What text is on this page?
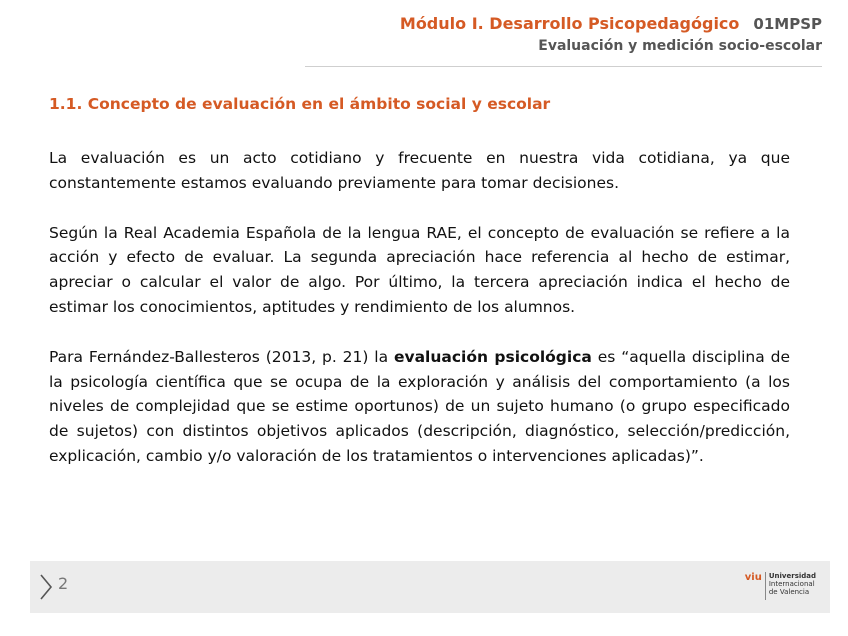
Módulo I. Desarrollo Psicopedagógico 01MPSP
Evaluación y medición socio-escolar
1.1. Concepto de evaluación en el ámbito social y escolar

La evaluación es un acto cotidiano y frecuente en nuestra vida cotidiana, ya que constantemente estamos evaluando previamente para tomar decisiones.

Según la Real Academia Española de la lengua RAE, el concepto de evaluación se refiere a la acción y efecto de evaluar. La segunda apreciación hace referencia al hecho de estimar, apreciar o calcular el valor de algo. Por último, la tercera apreciación indica el hecho de estimar los conocimientos, aptitudes y rendimiento de los alumnos.

Para Fernández-Ballesteros (2013, p. 21) la evaluación psicológica es “aquella disciplina de la psicología científica que se ocupa de la exploración y análisis del comportamiento (a los niveles de complejidad que se estime oportunos) de un sujeto humano (o grupo especificado de sujetos) con distintos objetivos aplicados (descripción, diagnóstico, selección/predicción, explicación, cambio y/o valoración de los tratamientos o intervenciones aplicadas)”.

2	viu Universidad
Internacional
de Valencia
